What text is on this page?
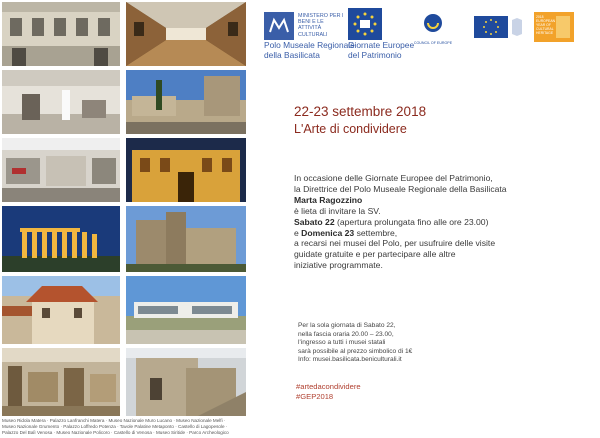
Museo Ridola Matera · Palazzo Lanfranchi Matera · Museo Nazionale Muro Lucano · Museo Nazionale Melfi ·
Museo Nazionale Grumento · Palazzo Loffredo Potenza · Tavole Palatine Metaponto · Castello di Lagopesole ·
Palazzo Del Balì Venosa · Museo Nazionale Policoro · Castello di Venosa · Museo Siritide · Parco Archeologico
MINISTERO PER I BENI E LE ATTIVITÀ CULTURALI
Polo Museale Regionale
della Basilicata
Giornate Europee
del Patrimonio
COUNCIL OF EUROPE
2018 EUROPEAN YEAR OF CULTURAL HERITAGE
22-23 settembre 2018
L'Arte di condividere

In occasione delle Giornate Europee del Patrimonio,

la Direttrice del Polo Museale Regionale della Basilicata

Marta Ragozzino

è lieta di invitare la SV.

Sabato 22 (apertura prolungata fino alle ore 23.00)

e Domenica 23 settembre,

a recarsi nei musei del Polo, per usufruire delle visite

guidate gratuite e per partecipare alle altre

iniziative programmate.

Per la sola giornata di Sabato 22,

nella fascia oraria 20.00 – 23.00,

l'ingresso a tutti i musei statali

sarà possibile al prezzo simbolico di 1€

Info: musei.basilicata.beniculturali.it

#artedacondividere

#GEP2018
